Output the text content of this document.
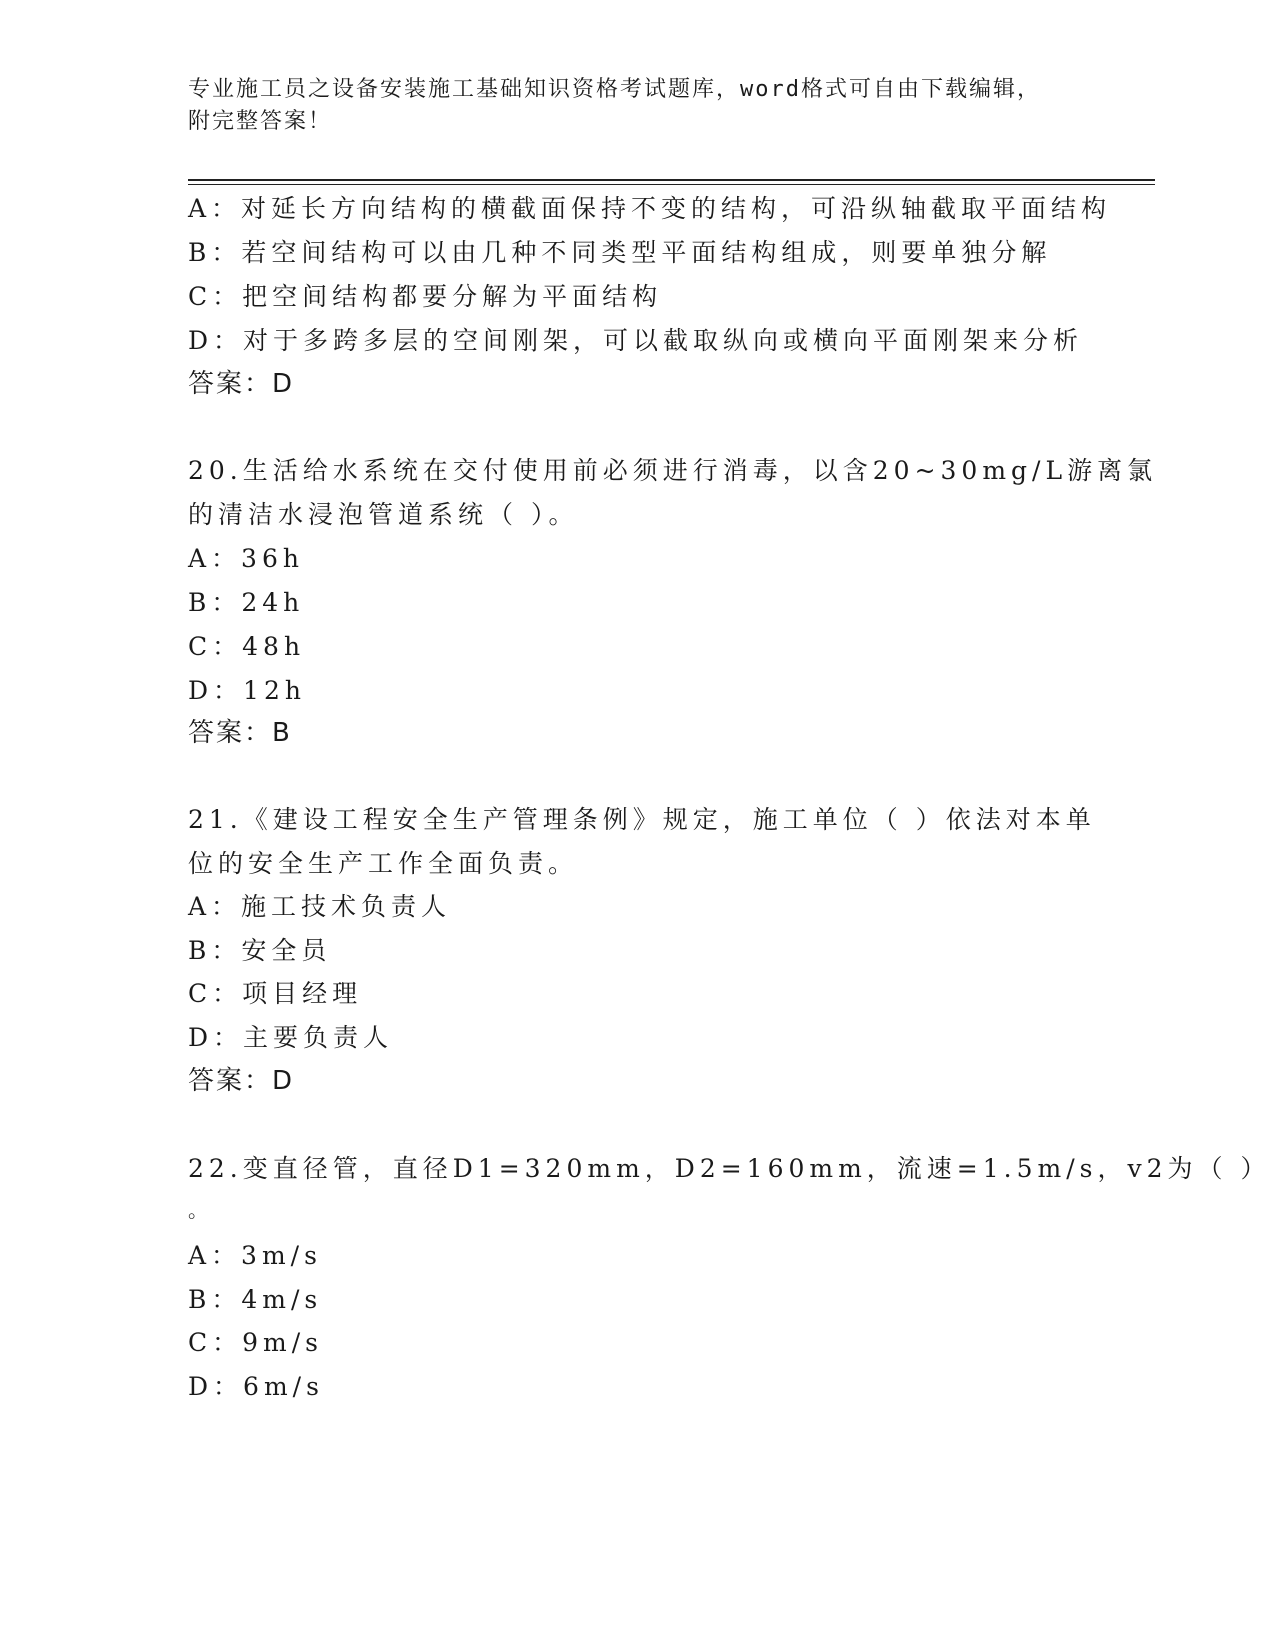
专业施工员之设备安装施工基础知识资格考试题库，word格式可自由下载编辑，
附完整答案！
A：对延长方向结构的横截面保持不变的结构，可沿纵轴截取平面结构
B：若空间结构可以由几种不同类型平面结构组成，则要单独分解
C：把空间结构都要分解为平面结构
D：对于多跨多层的空间刚架，可以截取纵向或横向平面刚架来分析
答案：D
20.生活给水系统在交付使用前必须进行消毒，以含20~30mg/L游离氯
的清洁水浸泡管道系统（ ）。
A：36h
B：24h
C：48h
D：12h
答案：B
21.《建设工程安全生产管理条例》规定，施工单位（ ）依法对本单
位的安全生产工作全面负责。
A：施工技术负责人
B：安全员
C：项目经理
D：主要负责人
答案：D
22.变直径管，直径D1=320mm，D2=160mm，流速=1.5m/s，v2为（ ）
。
A：3m/s
B：4m/s
C：9m/s
D：6m/s
